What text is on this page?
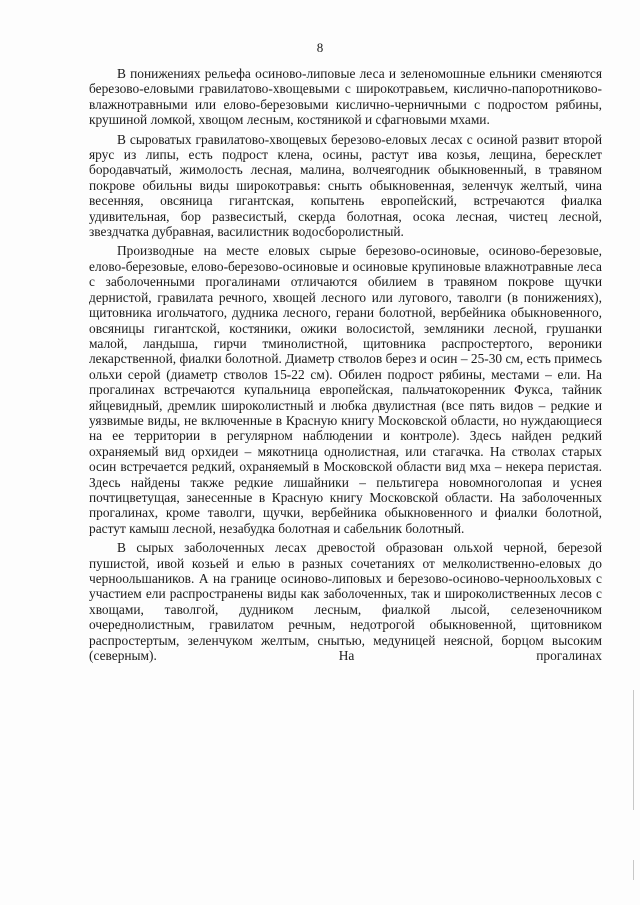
8

В понижениях рельефа осиново-липовые леса и зеленомошные ельники сменяются березово-еловыми гравилатово-хвощевыми с широкотравьем, кислично-папоротниково-влажнотравными или елово-березовыми кислично-черничными с подростом рябины, крушиной ломкой, хвощом лесным, костяникой и сфагновыми мхами.

В сыроватых гравилатово-хвощевых березово-еловых лесах с осиной развит второй ярус из липы, есть подрост клена, осины, растут ива козья, лещина, бересклет бородавчатый, жимолость лесная, малина, волчеягодник обыкновенный, в травяном покрове обильны виды широкотравья: сныть обыкновенная, зеленчук желтый, чина весенняя, овсяница гигантская, копытень европейский, встречаются фиалка удивительная, бор развесистый, скерда болотная, осока лесная, чистец лесной, звездчатка дубравная, василистник водосборолистный.

Производные на месте еловых сырые березово-осиновые, осиново-березовые, елово-березовые, елово-березово-осиновые и осиновые крупиновые влажнотравные леса с заболоченными прогалинами отличаются обилием в травяном покрове щучки дернистой, гравилата речного, хвощей лесного или лугового, таволги (в понижениях), щитовника игольчатого, дудника лесного, герани болотной, вербейника обыкновенного, овсяницы гигантской, костяники, ожики волосистой, земляники лесной, грушанки малой, ландыша, гирчи тминолистной, щитовника распростертого, вероники лекарственной, фиалки болотной. Диаметр стволов берез и осин – 25-30 см, есть примесь ольхи серой (диаметр стволов 15-22 см). Обилен подрост рябины, местами – ели. На прогалинах встречаются купальница европейская, пальчатокоренник Фукса, тайник яйцевидный, дремлик широколистный и любка двулистная (все пять видов – редкие и уязвимые виды, не включенные в Красную книгу Московской области, но нуждающиеся на ее территории в регулярном наблюдении и контроле). Здесь найден редкий охраняемый вид орхидеи – мякотница однолистная, или стагачка. На стволах старых осин встречается редкий, охраняемый в Московской области вид мха – некера перистая. Здесь найдены также редкие лишайники – пельтигера новомноголопая и уснея почтицветущая, занесенные в Красную книгу Московской области. На заболоченных прогалинах, кроме таволги, щучки, вербейника обыкновенного и фиалки болотной, растут камыш лесной, незабудка болотная и сабельник болотный.

В сырых заболоченных лесах древостой образован ольхой черной, березой пушистой, ивой козьей и елью в разных сочетаниях от мелколиственно-еловых до черноольшаников. А на границе осиново-липовых и березово-осиново-черноольховых с участием ели распространены виды как заболоченных, так и широколиственных лесов с хвощами, таволгой, дудником лесным, фиалкой лысой, селезеночником очереднолистным, гравилатом речным, недотрогой обыкновенной, щитовником распростертым, зеленчуком желтым, снытью, медуницей неясной, борцом высоким (северным). На прогалинах
